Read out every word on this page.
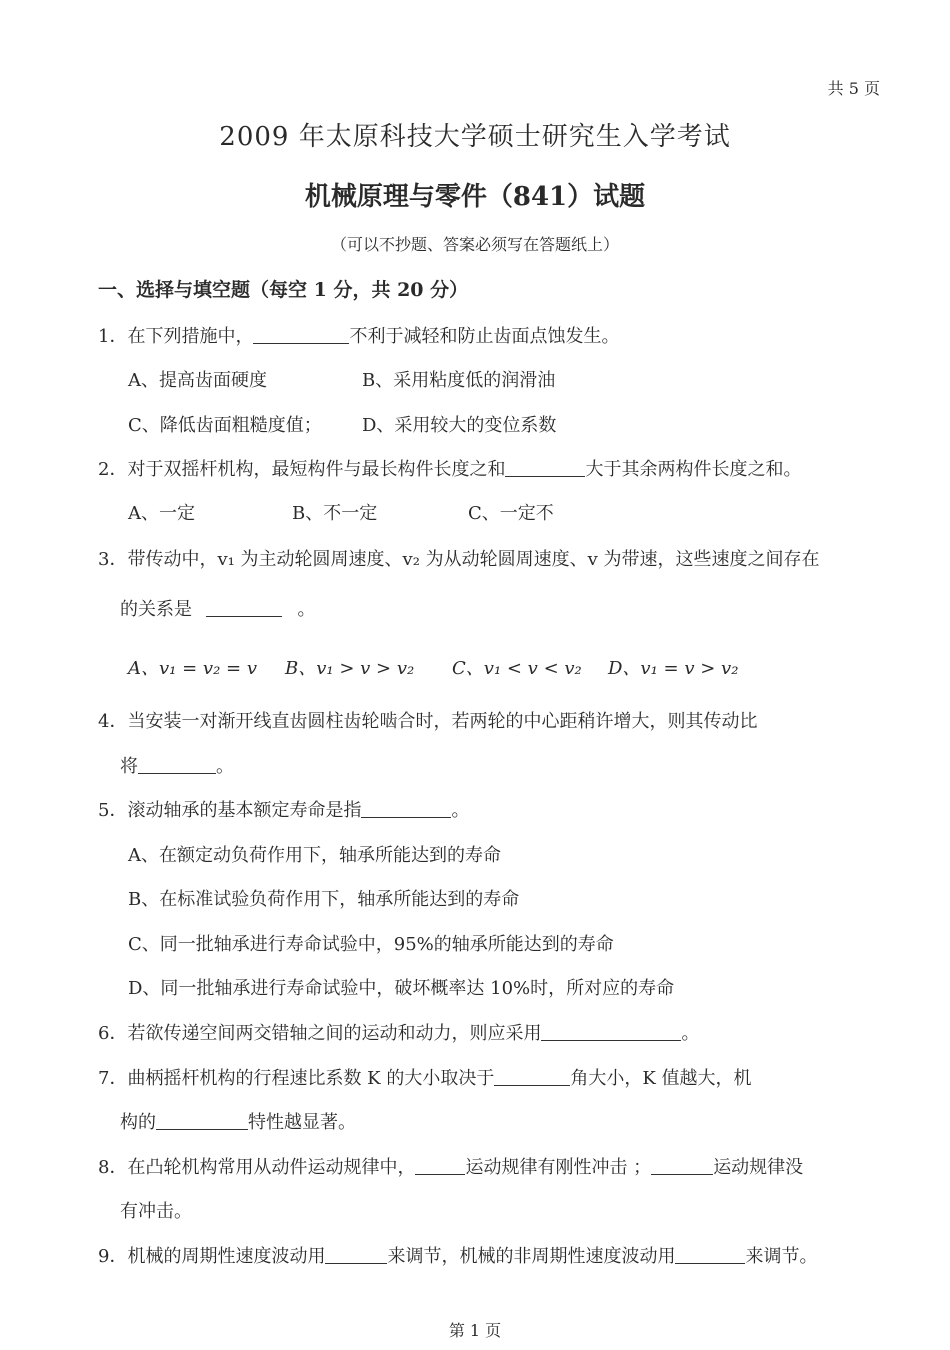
共 5 页
2009 年太原科技大学硕士研究生入学考试
机械原理与零件（841）试题
（可以不抄题、答案必须写在答题纸上）
一、选择与填空题（每空 1 分，共 20 分）
1．在下列措施中，	不利于减轻和防止齿面点蚀发生。
A、提高齿面硬度	B、采用粘度低的润滑油
C、降低齿面粗糙度值； D、采用较大的变位系数
2．对于双摇杆机构，最短构件与最长构件长度之和	大于其余两构件长度之和。
A、一定	B、不一定	C、一定不
3．带传动中，v₁ 为主动轮圆周速度、v₂ 为从动轮圆周速度、v 为带速，这些速度之间存在
的关系是	。
A、v₁ = v₂ = v B、v₁ > v > v₂ C、v₁ < v < v₂ D、v₁ = v > v₂
4．当安装一对渐开线直齿圆柱齿轮啮合时，若两轮的中心距稍许增大，则其传动比
将	。
5．滚动轴承的基本额定寿命是指	。
A、在额定动负荷作用下，轴承所能达到的寿命
B、在标准试验负荷作用下，轴承所能达到的寿命
C、同一批轴承进行寿命试验中，95%的轴承所能达到的寿命
D、同一批轴承进行寿命试验中，破坏概率达 10%时，所对应的寿命
6．若欲传递空间两交错轴之间的运动和动力，则应采用	。
7．曲柄摇杆机构的行程速比系数 K 的大小取决于	角大小，K 值越大，机
构的	特性越显著。
8．在凸轮机构常用从动件运动规律中，	运动规律有刚性冲击 ；	运动规律没
有冲击。
9．机械的周期性速度波动用	来调节，机械的非周期性速度波动用	来调节。
第 1 页
